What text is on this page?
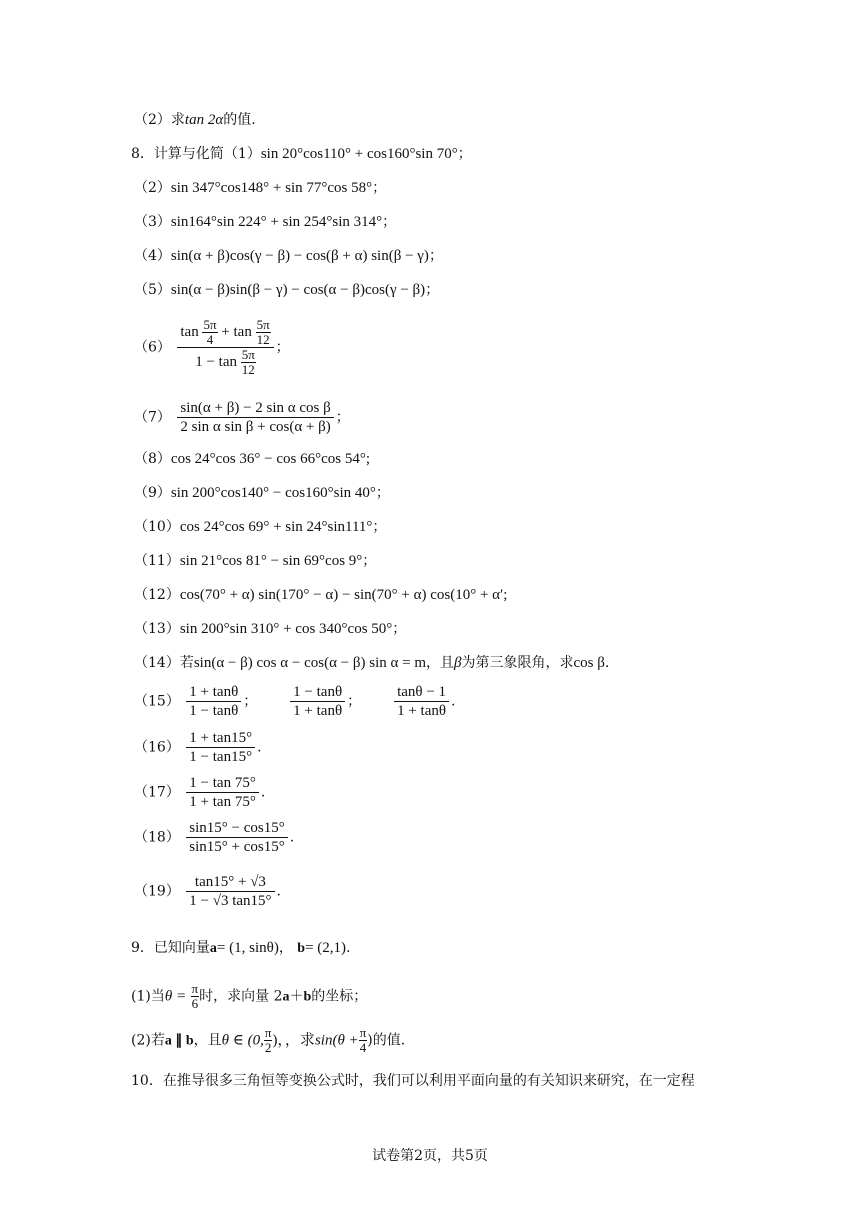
（2）求tan 2α的值.
8．计算与化简（1）sin 20°cos110° + cos160°sin 70°；
（2）sin 347°cos148° + sin 77°cos 58°；
（3）sin164°sin 224° + sin 254°sin 314°；
（4）sin(α + β)cos(γ − β) − cos(β + α) sin(β − γ)；
（5）sin(α − β)sin(β − γ) − cos(α − β)cos(γ − β)；
$(6) \frac{\tan \frac{5\pi}{4} + \tan \frac{5\pi}{12}}{1 - \tan \frac{5\pi}{12}}$ ；
$(7) \frac{\text{sin(α + β) − 2 sin α cos β}}{\text{2 sin α sin β + cos(α + β)}}$ ；
（8）cos 24°cos 36° − cos 66°cos 54°;
（9）sin 200°cos140° − cos160°sin 40°；
（10）cos 24°cos 69° + sin 24°sin111°；
（11）sin 21°cos 81° − sin 69°cos 9°；
（12）cos(70° + α) sin(170° − α) − sin(70° + α) cos(10° + α′;
（13）sin 200°sin 310° + cos 340°cos 50°；
（14）若sin(α − β) cos α − cos(α − β) sin α = m，且β为第三象限角，求cos β.
$(15) \frac{1 + \tan\theta}{1 - \tan\theta}$ ； $\frac{1 - \tan\theta}{1 + \tan\theta}$ ； $\frac{\tan\theta - 1}{1 + \tan\theta}$ .
$(16) \frac{1 + \tan 15^\circ}{1 - \tan 15^\circ}$ .
$(17) \frac{1 - \tan 75^\circ}{1 + \tan 75^\circ}$ .
$(18) \frac{\sin 15^\circ - \cos 15^\circ}{\sin 15^\circ + \cos 15^\circ}$ .
$(19) \frac{\tan 15^\circ + √3}{1 - √3 \tan 15^\circ}$ .
9．已知向量a= (1, sinθ)， b= (2,1).
(1)当$\theta = \frac{\pi}{6}$ 时，求向量 2a＋b的坐标；
(2)若a ∥ b，且θ ∈ (0, $\frac{\pi}{2}$ )，，求$\sin(\theta + \frac{\pi}{4}$ )的值.
10．在推导很多三角恒等变换公式时，我们可以利用平面向量的有关知识来研究，在一定程
试卷第2页，共5页
